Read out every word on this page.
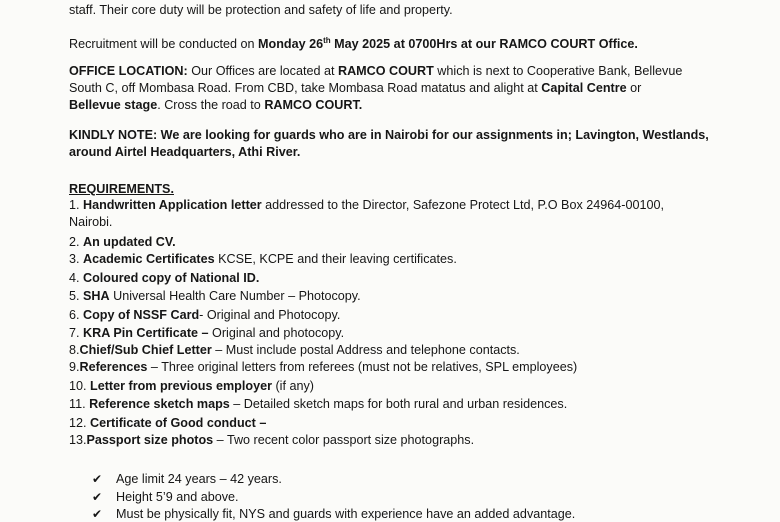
staff. Their core duty will be protection and safety of life and property.
Recruitment will be conducted on Monday 26th May 2025 at 0700Hrs at our RAMCO COURT Office.
OFFICE LOCATION: Our Offices are located at RAMCO COURT which is next to Cooperative Bank, Bellevue
South C, off Mombasa Road. From CBD, take Mombasa Road matatus and alight at Capital Centre or
Bellevue stage. Cross the road to RAMCO COURT.
KINDLY NOTE: We are looking for guards who are in Nairobi for our assignments in; Lavington, Westlands,
around Airtel Headquarters, Athi River.
REQUIREMENTS.
1. Handwritten Application letter addressed to the Director, Safezone Protect Ltd, P.O Box 24964-00100,
Nairobi.
2. An updated CV.
3. Academic Certificates KCSE, KCPE and their leaving certificates.
4. Coloured copy of National ID.
5. SHA Universal Health Care Number – Photocopy.
6. Copy of NSSF Card- Original and Photocopy.
7. KRA Pin Certificate – Original and photocopy.
8.Chief/Sub Chief Letter – Must include postal Address and telephone contacts.
9.References – Three original letters from referees (must not be relatives, SPL employees)
10. Letter from previous employer (if any)
11. Reference sketch maps – Detailed sketch maps for both rural and urban residences.
12. Certificate of Good conduct –
13.Passport size photos – Two recent color passport size photographs.
✔ Age limit 24 years – 42 years.
✔ Height 5’9 and above.
✔ Must be physically fit, NYS and guards with experience have an added advantage.
